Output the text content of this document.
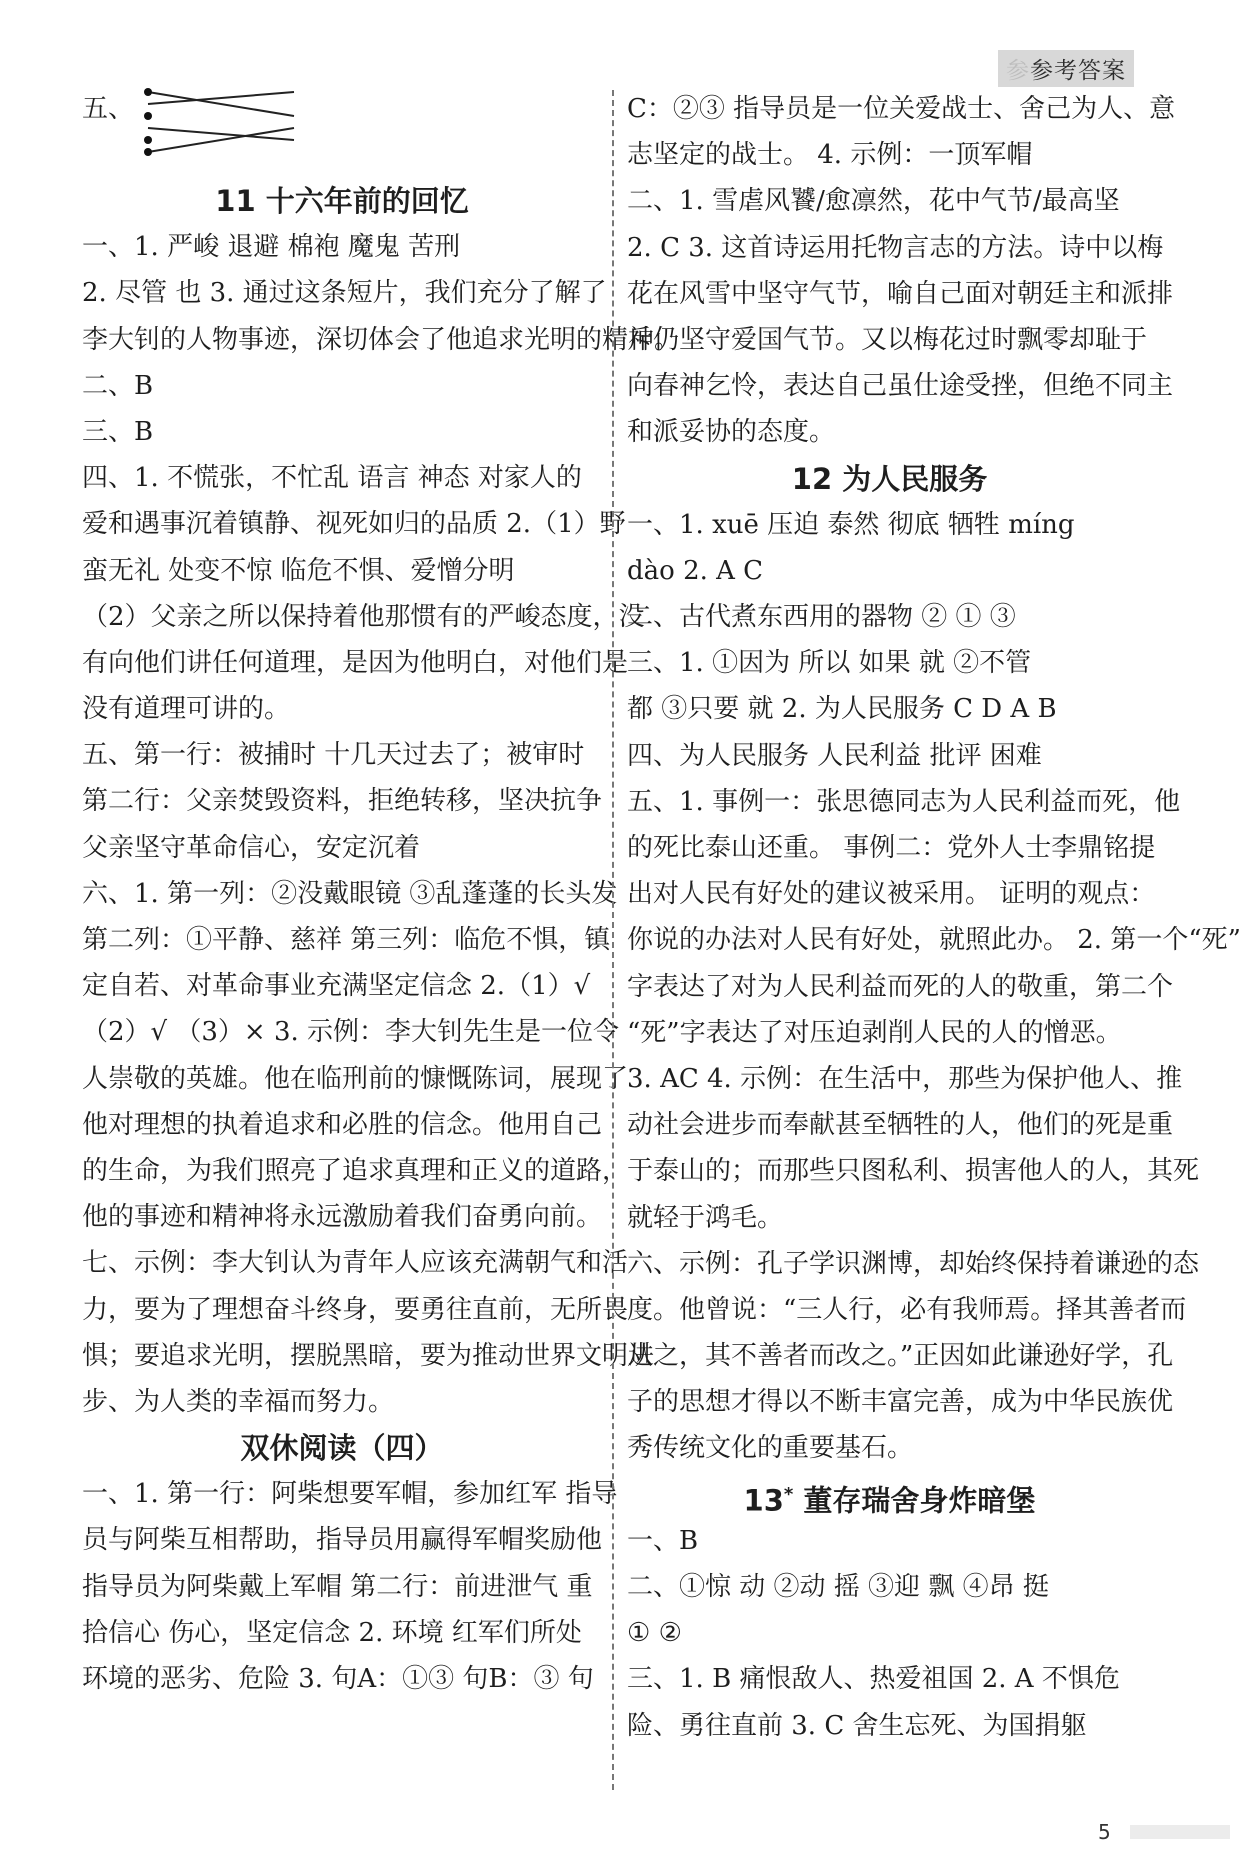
参参考答案
五、
11 十六年前的回忆
一、1. 严峻 退避 棉袍 魔鬼 苦刑
2. 尽管 也 3. 通过这条短片，我们充分了解了
李大钊的人物事迹，深切体会了他追求光明的精神。
二、B
三、B
四、1. 不慌张，不忙乱 语言 神态 对家人的
爱和遇事沉着镇静、视死如归的品质 2.（1）野
蛮无礼 处变不惊 临危不惧、爱憎分明
（2）父亲之所以保持着他那惯有的严峻态度，没
有向他们讲任何道理，是因为他明白，对他们是
没有道理可讲的。
五、第一行：被捕时 十几天过去了；被审时
第二行：父亲焚毁资料，拒绝转移，坚决抗争
父亲坚守革命信心，安定沉着
六、1. 第一列：②没戴眼镜 ③乱蓬蓬的长头发
第二列：①平静、慈祥 第三列：临危不惧，镇
定自若、对革命事业充满坚定信念 2.（1）√
（2）√ （3）× 3. 示例：李大钊先生是一位令
人崇敬的英雄。他在临刑前的慷慨陈词，展现了
他对理想的执着追求和必胜的信念。他用自己
的生命，为我们照亮了追求真理和正义的道路，
他的事迹和精神将永远激励着我们奋勇向前。
七、示例：李大钊认为青年人应该充满朝气和活
力，要为了理想奋斗终身，要勇往直前，无所畏
惧；要追求光明，摆脱黑暗，要为推动世界文明进
步、为人类的幸福而努力。
双休阅读（四）
一、1. 第一行：阿柴想要军帽，参加红军 指导
员与阿柴互相帮助，指导员用赢得军帽奖励他
指导员为阿柴戴上军帽 第二行：前进泄气 重
拾信心 伤心，坚定信念 2. 环境 红军们所处
环境的恶劣、危险 3. 句A：①③ 句B：③ 句
C：②③ 指导员是一位关爱战士、舍己为人、意
志坚定的战士。 4. 示例：一顶军帽
二、1. 雪虐风饕/愈凛然，花中气节/最高坚
2. C 3. 这首诗运用托物言志的方法。诗中以梅
花在风雪中坚守气节，喻自己面对朝廷主和派排
斥仍坚守爱国气节。又以梅花过时飘零却耻于
向春神乞怜，表达自己虽仕途受挫，但绝不同主
和派妥协的态度。
12 为人民服务
一、1. xuē 压迫 泰然 彻底 牺牲 míng
dào 2. A C
二、古代煮东西用的器物 ② ① ③
三、1. ①因为 所以 如果 就 ②不管
都 ③只要 就 2. 为人民服务 C D A B
四、为人民服务 人民利益 批评 困难
五、1. 事例一：张思德同志为人民利益而死，他
的死比泰山还重。 事例二：党外人士李鼎铭提
出对人民有好处的建议被采用。 证明的观点：
你说的办法对人民有好处，就照此办。 2. 第一个“死”
字表达了对为人民利益而死的人的敬重，第二个
“死”字表达了对压迫剥削人民的人的憎恶。
3. AC 4. 示例：在生活中，那些为保护他人、推
动社会进步而奉献甚至牺牲的人，他们的死是重
于泰山的；而那些只图私利、损害他人的人，其死
就轻于鸿毛。
六、示例：孔子学识渊博，却始终保持着谦逊的态
度。他曾说：“三人行，必有我师焉。择其善者而
从之，其不善者而改之。”正因如此谦逊好学，孔
子的思想才得以不断丰富完善，成为中华民族优
秀传统文化的重要基石。
13* 董存瑞舍身炸暗堡
一、B
二、①惊 动 ②动 摇 ③迎 飘 ④昂 挺
① ②
三、1. B 痛恨敌人、热爱祖国 2. A 不惧危
险、勇往直前 3. C 舍生忘死、为国捐躯
5
